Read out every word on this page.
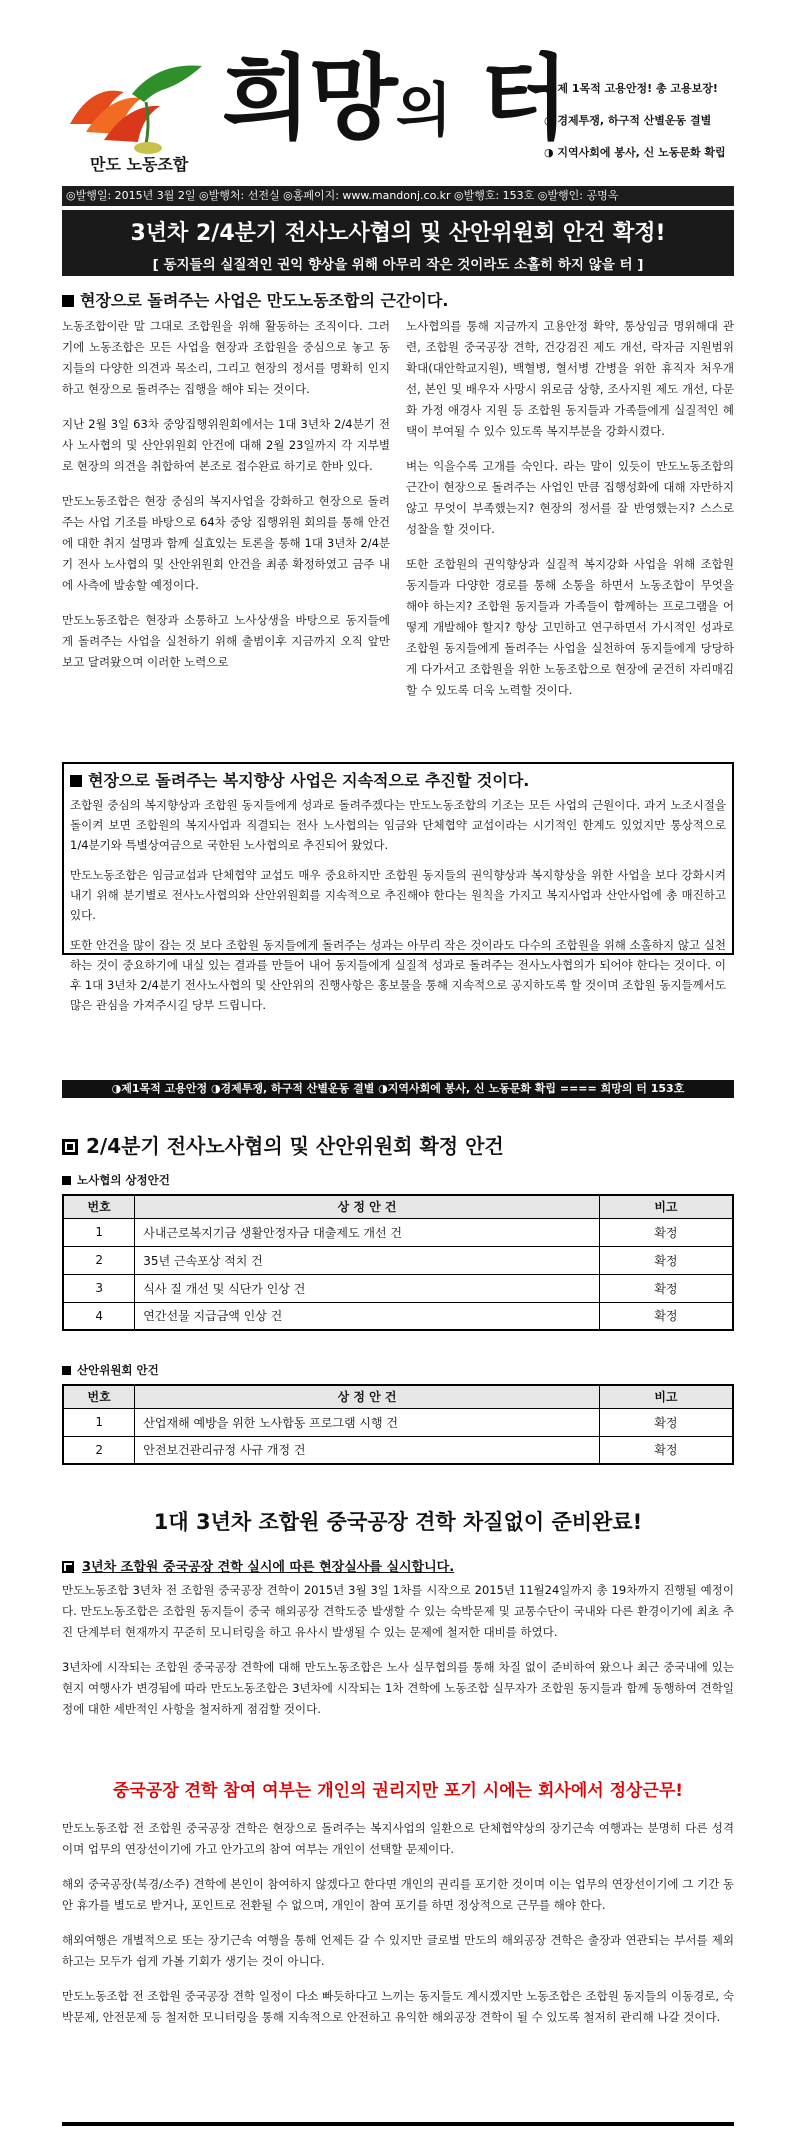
만도 노동조합
희망의 터
◑ 제 1목적 고용안정! 총 고용보장!
◑ 경제투쟁, 하구적 산별운동 결별
◑ 지역사회에 봉사, 신 노동문화 확립
◎발행일: 2015년 3월 2일 ◎발행처: 선전실 ◎홈페이지: www.mandonj.co.kr ◎발행호: 153호 ◎발행인: 공명옥
3년차 2/4분기 전사노사협의 및 산안위원회 안건 확정!
[ 동지들의 실질적인 권익 향상을 위해 아무리 작은 것이라도 소홀히 하지 않을 터 ]
현장으로 돌려주는 사업은 만도노동조합의 근간이다.

노동조합이란 말 그대로 조합원을 위해 활동하는 조직이다. 그러기에 노동조합은 모든 사업을 현장과 조합원을 중심으로 놓고 동지들의 다양한 의견과 목소리, 그리고 현장의 정서를 명확히 인지하고 현장으로 돌려주는 집행을 해야 되는 것이다.

지난 2월 3일 63차 중앙집행위원회에서는 1대 3년차 2/4분기 전사 노사협의 및 산안위원회 안건에 대해 2월 23일까지 각 지부별로 현장의 의견을 취합하여 본조로 접수완료 하기로 한바 있다.

만도노동조합은 현장 중심의 복지사업을 강화하고 현장으로 돌려주는 사업 기조를 바탕으로 64차 중앙 집행위원 회의를 통해 안건에 대한 취지 설명과 함께 실효있는 토론을 통해 1대 3년차 2/4분기 전사 노사협의 및 산안위원회 안건을 최종 확정하였고 금주 내에 사측에 발송할 예정이다.

만도노동조합은 현장과 소통하고 노사상생을 바탕으로 동지들에게 돌려주는 사업을 실천하기 위해 출범이후 지금까지 오직 앞만 보고 달려왔으며 이러한 노력으로

노사협의를 통해 지금까지 고용안정 확약, 통상임금 명위해대 관련, 조합원 중국공장 견학, 건강검진 제도 개선, 락자금 지원범위 확대(대안학교지원), 백혈병, 혈서병 간병을 위한 휴직자 처우개선, 본인 및 배우자 사망시 위로금 상향, 조사지원 제도 개선, 다문화 가정 애경사 지원 등 조합원 동지들과 가족들에게 실질적인 혜택이 부여될 수 있수 있도록 복지부분을 강화시켰다.

벼는 익을수록 고개를 숙인다. 라는 말이 있듯이 만도노동조합의 근간이 현장으로 돌려주는 사업인 만큼 집행성화에 대해 자만하지 않고 무엇이 부족했는지? 현장의 정서를 잘 반영했는지? 스스로 성찰을 할 것이다.

또한 조합원의 권익향상과 실질적 복지강화 사업을 위해 조합원 동지들과 다양한 경로를 통해 소통을 하면서 노동조합이 무엇을 해야 하는지? 조합원 동지들과 가족들이 함께하는 프로그램을 어떻게 개발해야 할지? 항상 고민하고 연구하면서 가시적인 성과로 조합원 동지들에게 돌려주는 사업을 실천하여 동지들에게 당당하게 다가서고 조합원을 위한 노동조합으로 현장에 굳건히 자리매김 할 수 있도록 더욱 노력할 것이다.

현장으로 돌려주는 복지향상 사업은 지속적으로 추진할 것이다.

조합원 중심의 복지향상과 조합원 동지들에게 성과로 돌려주겠다는 만도노동조합의 기조는 모든 사업의 근원이다. 과거 노조시절을 돌이켜 보면 조합원의 복지사업과 직결되는 전사 노사협의는 임금와 단체협약 교섭이라는 시기적인 한계도 있었지만 통상적으로 1/4분기와 특별상여금으로 국한된 노사협의로 추진되어 왔었다.

만도노동조합은 임금교섭과 단체협약 교섭도 매우 중요하지만 조합원 동지들의 권익향상과 복지향상을 위한 사업을 보다 강화시켜 내기 위해 분기별로 전사노사협의와 산안위원회를 지속적으로 추진해야 한다는 원칙을 가지고 복지사업과 산안사업에 총 매진하고 있다.

또한 안건을 많이 잡는 것 보다 조합원 동지들에게 돌려주는 성과는 아무리 작은 것이라도 다수의 조합원을 위해 소홀하지 않고 실천하는 것이 중요하기에 내실 있는 결과를 만들어 내어 동지들에게 실질적 성과로 돌려주는 전사노사협의가 되어야 한다는 것이다. 이후 1대 3년차 2/4분기 전사노사협의 및 산안위의 진행사항은 홍보물을 통해 지속적으로 공지하도록 할 것이며 조합원 동지들께서도 많은 관심을 가져주시길 당부 드립니다.

◑제1목적 고용안정 ◑경제투쟁, 하구적 산별운동 결별 ◑지역사회에 봉사, 신 노동문화 확립 ==== 희망의 터 153호
2/4분기 전사노사협의 및 산안위원회 확정 안건
노사협의 상정안건
번호	상 정 안 건	비고
1	사내근로복지기금 생활안정자금 대출제도 개선 건	확정
2	35년 근속포상 적치 건	확정
3	식사 질 개선 및 식단가 인상 건	확정
4	연간선물 지급금액 인상 건	확정
산안위원회 안건
번호	상 정 안 건	비고
1	산업재해 예방을 위한 노사합동 프로그램 시행 건	확정
2	안전보건관리규정 사규 개정 건	확정
1대 3년차 조합원 중국공장 견학 차질없이 준비완료!
3년차 조합원 중국공장 견학 실시에 따른 현장실사를 실시합니다.

만도노동조합 3년차 전 조합원 중국공장 견학이 2015년 3월 3일 1차를 시작으로 2015년 11월24일까지 총 19차까지 진행될 예정이다. 만도노동조합은 조합원 동지들이 중국 해외공장 견학도중 발생할 수 있는 숙박문제 및 교통수단이 국내와 다른 환경이기에 최초 추진 단계부터 현재까지 꾸준히 모니터링을 하고 유사시 발생될 수 있는 문제에 철저한 대비를 하였다.

3년차에 시작되는 조합원 중국공장 견학에 대해 만도노동조합은 노사 실무협의를 통해 차질 없이 준비하여 왔으나 최근 중국내에 있는 현지 여행사가 변경됨에 따라 만도노동조합은 3년차에 시작되는 1차 견학에 노동조합 실무자가 조합원 동지들과 함께 동행하여 견학일정에 대한 세반적인 사항을 철저하게 점검할 것이다.

중국공장 견학 참여 여부는 개인의 권리지만 포기 시에는 회사에서 정상근무!

만도노동조합 전 조합원 중국공장 견학은 현장으로 돌려주는 복지사업의 일환으로 단체협약상의 장기근속 여행과는 분명히 다른 성격이며 업무의 연장선이기에 가고 안가고의 참여 여부는 개인이 선택할 문제이다.

해외 중국공장(북경/소주) 견학에 본인이 참여하지 않겠다고 한다면 개인의 권리를 포기한 것이며 이는 업무의 연장선이기에 그 기간 동안 휴가를 별도로 받거나, 포인트로 전환될 수 없으며, 개인이 참여 포기를 하면 정상적으로 근무를 해야 한다.

해외여행은 개별적으로 또는 장기근속 여행을 통해 언제든 갈 수 있지만 글로벌 만도의 해외공장 견학은 출장과 연관되는 부서를 제외하고는 모두가 쉽게 가볼 기회가 생기는 것이 아니다.

만도노동조합 전 조합원 중국공장 견학 일정이 다소 빠듯하다고 느끼는 동지들도 계시겠지만 노동조합은 조합원 동지들의 이동경로, 숙박문제, 안전문제 등 철저한 모니터링을 통해 지속적으로 안전하고 유익한 해외공장 견학이 될 수 있도록 철저히 관리해 나갈 것이다.
